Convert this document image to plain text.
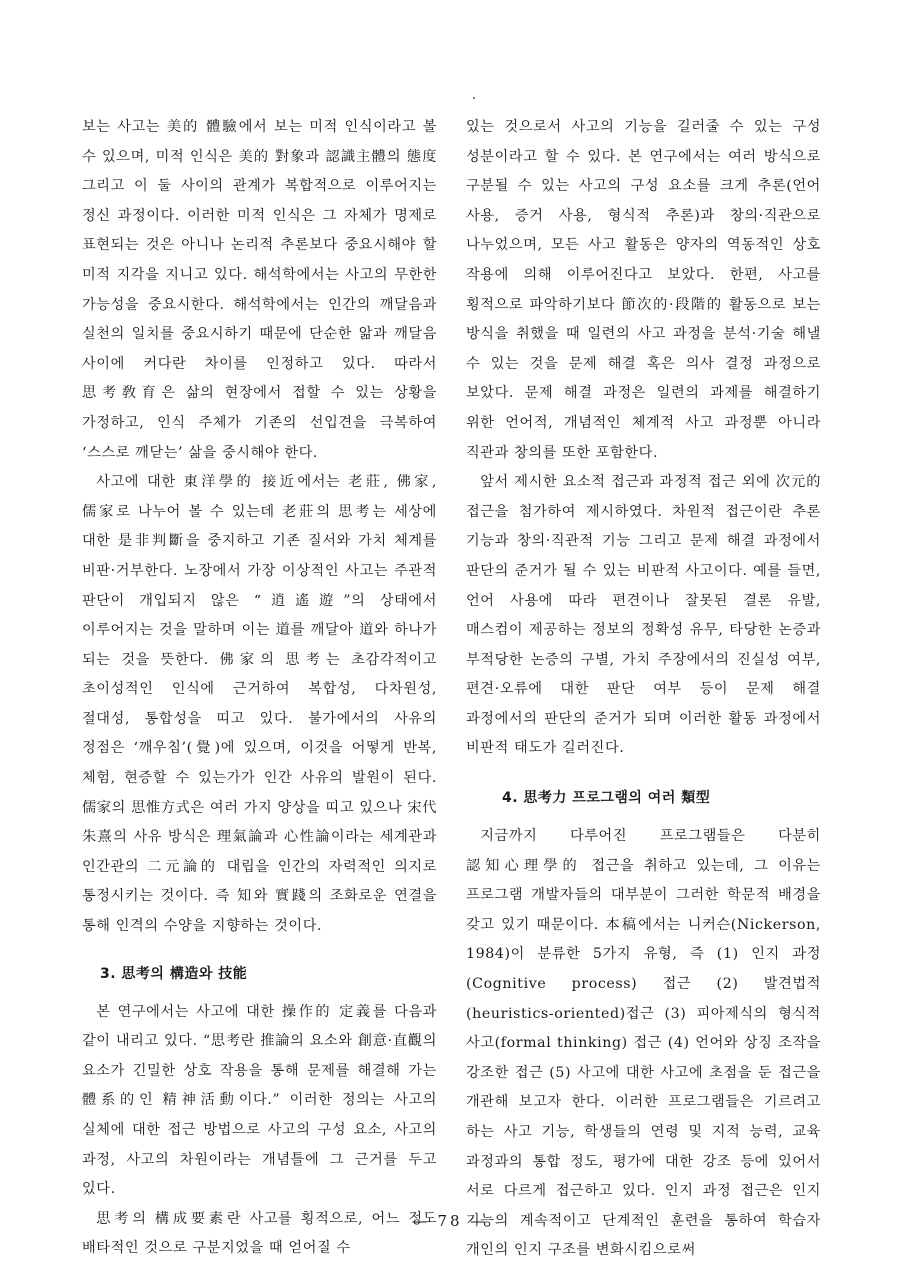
보는 사고는 美的 體驗에서 보는 미적 인식이라고 볼 수 있으며, 미적 인식은 美的 對象과 認識主體의 態度 그리고 이 둘 사이의 관계가 복합적으로 이루어지는 정신 과정이다. 이러한 미적 인식은 그 자체가 명제로 표현되는 것은 아니나 논리적 추론보다 중요시해야 할 미적 지각을 지니고 있다. 해석학에서는 사고의 무한한 가능성을 중요시한다. 해석학에서는 인간의 깨달음과 실천의 일치를 중요시하기 때문에 단순한 앎과 깨달음 사이에 커다란 차이를 인정하고 있다. 따라서 思考敎育은 삶의 현장에서 접할 수 있는 상황을 가정하고, 인식 주체가 기존의 선입견을 극복하여 ‘스스로 깨닫는’ 삶을 중시해야 한다.

사고에 대한 東洋學的 接近에서는 老莊, 佛家, 儒家로 나누어 볼 수 있는데 老莊의 思考는 세상에 대한 是非判斷을 중지하고 기존 질서와 가치 체계를 비판·거부한다. 노장에서 가장 이상적인 사고는 주관적 판단이 개입되지 않은 “逍遙遊”의 상태에서 이루어지는 것을 말하며 이는 道를 깨달아 道와 하나가 되는 것을 뜻한다. 佛家의 思考는 초감각적이고 초이성적인 인식에 근거하여 복합성, 다차원성, 절대성, 통합성을 띠고 있다. 불가에서의 사유의 정점은 ‘깨우침’(覺)에 있으며, 이것을 어떻게 반복, 체험, 현증할 수 있는가가 인간 사유의 발원이 된다. 儒家의 思惟方式은 여러 가지 양상을 띠고 있으나 宋代 朱熹의 사유 방식은 理氣論과 心性論이라는 세계관과 인간관의 二元論的 대립을 인간의 자력적인 의지로 통정시키는 것이다. 즉 知와 實踐의 조화로운 연결을 통해 인격의 수양을 지향하는 것이다.

3. 思考의 構造와 技能

본 연구에서는 사고에 대한 操作的 定義를 다음과 같이 내리고 있다. “思考란 推論의 요소와 創意·直觀의 요소가 긴밀한 상호 작용을 통해 문제를 해결해 가는 體系的인 精神活動이다.” 이러한 정의는 사고의 실체에 대한 접근 방법으로 사고의 구성 요소, 사고의 과정, 사고의 차원이라는 개념틀에 그 근거를 두고 있다.

思考의 構成要素란 사고를 횡적으로, 어느 정도 배타적인 것으로 구분지었을 때 얻어질 수

있는 것으로서 사고의 기능을 길러줄 수 있는 구성 성분이라고 할 수 있다. 본 연구에서는 여러 방식으로 구분될 수 있는 사고의 구성 요소를 크게 추론(언어 사용, 증거 사용, 형식적 추론)과 창의·직관으로 나누었으며, 모든 사고 활동은 양자의 역동적인 상호 작용에 의해 이루어진다고 보았다. 한편, 사고를 횡적으로 파악하기보다 節次的·段階的 활동으로 보는 방식을 취했을 때 일련의 사고 과정을 분석·기술 해낼 수 있는 것을 문제 해결 혹은 의사 결정 과정으로 보았다. 문제 해결 과정은 일련의 과제를 해결하기 위한 언어적, 개념적인 체계적 사고 과정뿐 아니라 직관과 창의를 또한 포함한다.

앞서 제시한 요소적 접근과 과정적 접근 외에 次元的 접근을 첨가하여 제시하였다. 차원적 접근이란 추론 기능과 창의·직관적 기능 그리고 문제 해결 과정에서 판단의 준거가 될 수 있는 비판적 사고이다. 예를 들면, 언어 사용에 따라 편견이나 잘못된 결론 유발, 매스컴이 제공하는 정보의 정확성 유무, 타당한 논증과 부적당한 논증의 구별, 가치 주장에서의 진실성 여부, 편견·오류에 대한 판단 여부 등이 문제 해결 과정에서의 판단의 준거가 되며 이러한 활동 과정에서 비판적 태도가 길러진다.

4. 思考力 프로그램의 여러 類型

지금까지 다루어진 프로그램들은 다분히 認知心理學的 접근을 취하고 있는데, 그 이유는 프로그램 개발자들의 대부분이 그러한 학문적 배경을 갖고 있기 때문이다. 本稿에서는 니커슨(Nickerson, 1984)이 분류한 5가지 유형, 즉 (1) 인지 과정(Cognitive process) 접근 (2) 발견법적 (heuristics-oriented)접근 (3) 피아제식의 형식적 사고(formal thinking) 접근 (4) 언어와 상징 조작을 강조한 접근 (5) 사고에 대한 사고에 초점을 둔 접근을 개관해 보고자 한다. 이러한 프로그램들은 기르려고 하는 사고 기능, 학생들의 연령 및 지적 능력, 교육 과정과의 통합 정도, 평가에 대한 강조 등에 있어서 서로 다르게 접근하고 있다. 인지 과정 접근은 인지 기능의 계속적이고 단계적인 훈련을 통하여 학습자 개인의 인지 구조를 변화시킴으로써

— 78 —
